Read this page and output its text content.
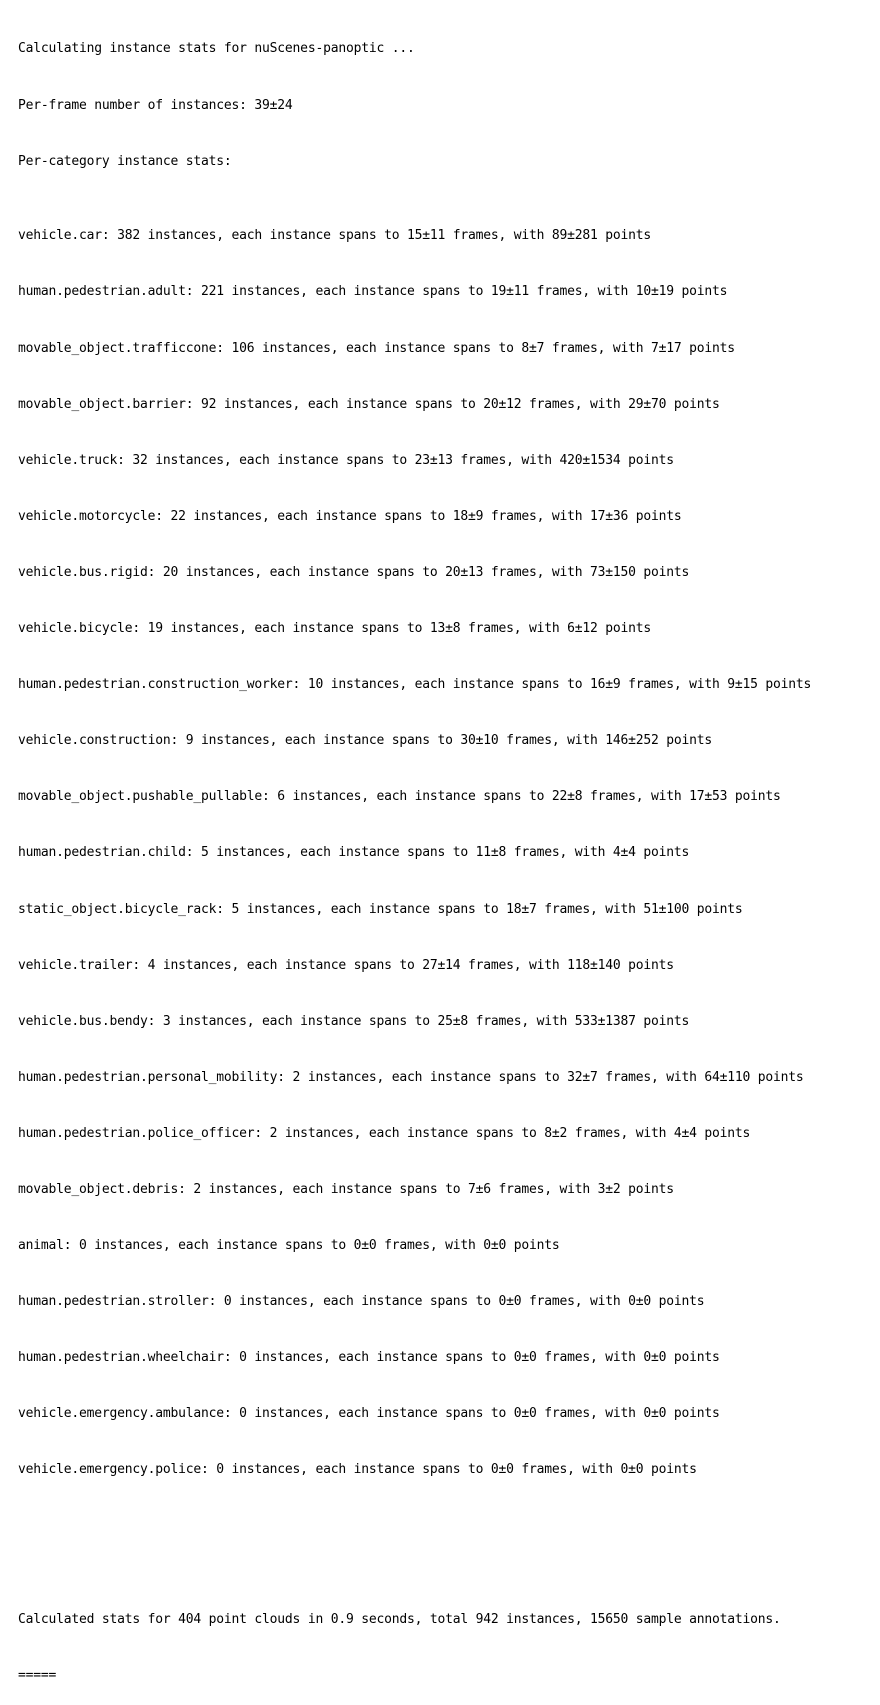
Calculating instance stats for nuScenes-panoptic ...

Per-frame number of instances: 39±24

Per-category instance stats:

vehicle.car: 382 instances, each instance spans to 15±11 frames, with 89±281 points

human.pedestrian.adult: 221 instances, each instance spans to 19±11 frames, with 10±19 points

movable_object.trafficcone: 106 instances, each instance spans to 8±7 frames, with 7±17 points

movable_object.barrier: 92 instances, each instance spans to 20±12 frames, with 29±70 points

vehicle.truck: 32 instances, each instance spans to 23±13 frames, with 420±1534 points

vehicle.motorcycle: 22 instances, each instance spans to 18±9 frames, with 17±36 points

vehicle.bus.rigid: 20 instances, each instance spans to 20±13 frames, with 73±150 points

vehicle.bicycle: 19 instances, each instance spans to 13±8 frames, with 6±12 points

human.pedestrian.construction_worker: 10 instances, each instance spans to 16±9 frames, with 9±15 points

vehicle.construction: 9 instances, each instance spans to 30±10 frames, with 146±252 points

movable_object.pushable_pullable: 6 instances, each instance spans to 22±8 frames, with 17±53 points

human.pedestrian.child: 5 instances, each instance spans to 11±8 frames, with 4±4 points

static_object.bicycle_rack: 5 instances, each instance spans to 18±7 frames, with 51±100 points

vehicle.trailer: 4 instances, each instance spans to 27±14 frames, with 118±140 points

vehicle.bus.bendy: 3 instances, each instance spans to 25±8 frames, with 533±1387 points

human.pedestrian.personal_mobility: 2 instances, each instance spans to 32±7 frames, with 64±110 points

human.pedestrian.police_officer: 2 instances, each instance spans to 8±2 frames, with 4±4 points

movable_object.debris: 2 instances, each instance spans to 7±6 frames, with 3±2 points

animal: 0 instances, each instance spans to 0±0 frames, with 0±0 points

human.pedestrian.stroller: 0 instances, each instance spans to 0±0 frames, with 0±0 points

human.pedestrian.wheelchair: 0 instances, each instance spans to 0±0 frames, with 0±0 points

vehicle.emergency.ambulance: 0 instances, each instance spans to 0±0 frames, with 0±0 points

vehicle.emergency.police: 0 instances, each instance spans to 0±0 frames, with 0±0 points

Calculated stats for 404 point clouds in 0.9 seconds, total 942 instances, 15650 sample annotations.

=====
